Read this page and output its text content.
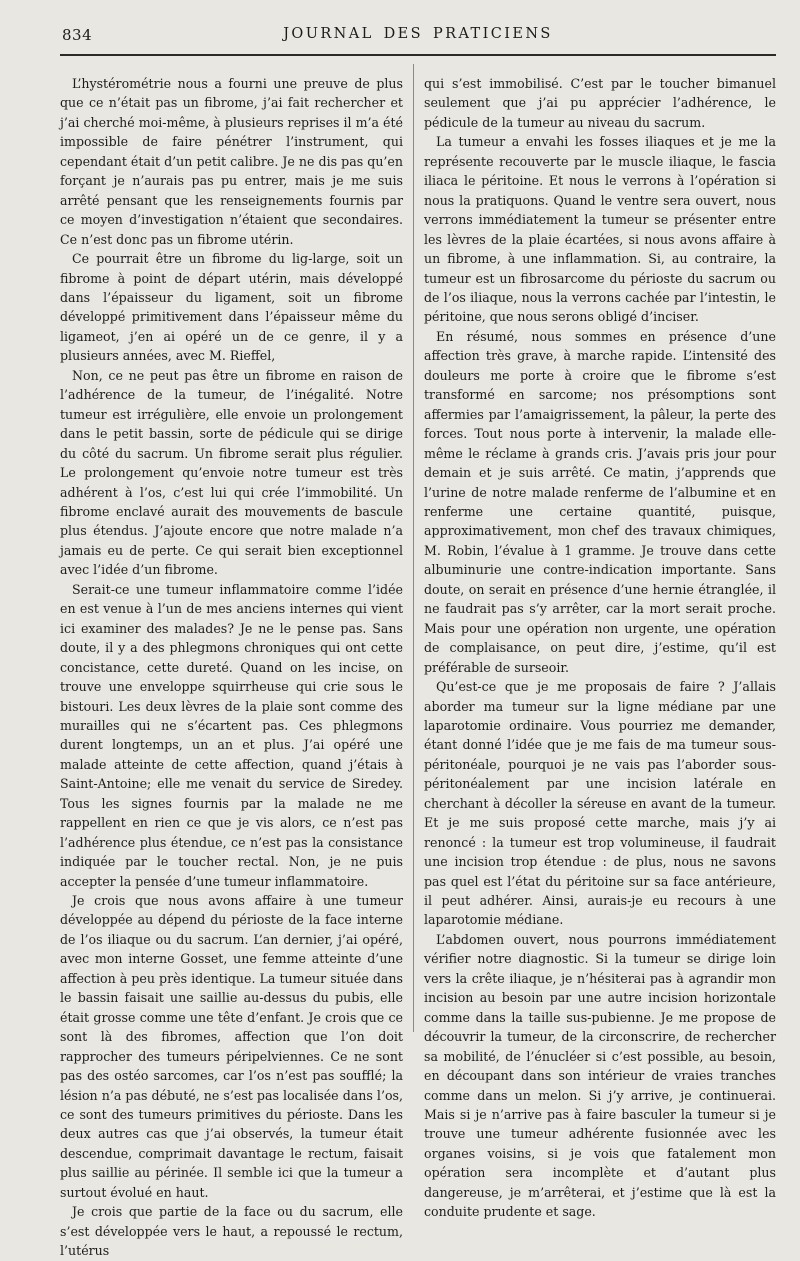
834	JOURNAL DES PRATICIENS

L’hystérométrie nous a fourni une preuve de plus que ce n’était pas un fibrome, j’ai fait rechercher et j’ai cherché moi-même, à plusieurs reprises il m’a été impossible de faire pénétrer l’instrument, qui cependant était d’un petit calibre. Je ne dis pas qu’en forçant je n’aurais pas pu entrer, mais je me suis arrêté pensant que les renseignements fournis par ce moyen d’investigation n’étaient que secondaires. Ce n’est donc pas un fibrome utérin.

Ce pourrait être un fibrome du lig-large, soit un fibrome à point de départ utérin, mais développé dans l’épaisseur du ligament, soit un fibrome développé primitivement dans l’épaisseur même du ligameot, j’en ai opéré un de ce genre, il y a plusieurs années, avec M. Rieffel,

Non, ce ne peut pas être un fibrome en raison de l’adhérence de la tumeur, de l’inégalité. Notre tumeur est irrégulière, elle envoie un prolongement dans le petit bassin, sorte de pédicule qui se dirige du côté du sacrum. Un fibrome serait plus régulier. Le prolongement qu’envoie notre tumeur est très adhérent à l’os, c’est lui qui crée l’immobilité. Un fibrome enclavé aurait des mouvements de bascule plus étendus. J’ajoute encore que notre malade n’a jamais eu de perte. Ce qui serait bien exceptionnel avec l’idée d’un fibrome.

Serait-ce une tumeur inflammatoire comme l’idée en est venue à l’un de mes anciens internes qui vient ici examiner des malades? Je ne le pense pas. Sans doute, il y a des phlegmons chroniques qui ont cette concistance, cette dureté. Quand on les incise, on trouve une enveloppe squirrheuse qui crie sous le bistouri. Les deux lèvres de la plaie sont comme des murailles qui ne s’écartent pas. Ces phlegmons durent longtemps, un an et plus. J’ai opéré une malade atteinte de cette affection, quand j’étais à Saint-Antoine; elle me venait du service de Siredey. Tous les signes fournis par la malade ne me rappellent en rien ce que je vis alors, ce n’est pas l’adhérence plus étendue, ce n’est pas la consistance indiquée par le toucher rectal. Non, je ne puis accepter la pensée d’une tumeur inflammatoire.

Je crois que nous avons affaire à une tumeur développée au dépend du périoste de la face interne de l’os iliaque ou du sacrum. L’an dernier, j’ai opéré, avec mon interne Gosset, une femme atteinte d’une affection à peu près identique. La tumeur située dans le bassin faisait une saillie au-dessus du pubis, elle était grosse comme une tête d’enfant. Je crois que ce sont là des fibromes, affection que l’on doit rapprocher des tumeurs péripelviennes. Ce ne sont pas des ostéo sarcomes, car l’os n’est pas soufflé; la lésion n’a pas débuté, ne s’est pas localisée dans l’os, ce sont des tumeurs primitives du périoste. Dans les deux autres cas que j’ai observés, la tumeur était descendue, comprimait davantage le rectum, faisait plus saillie au périnée. Il semble ici que la tumeur a surtout évolué en haut.

Je crois que partie de la face ou du sacrum, elle s’est développée vers le haut, a repoussé le rectum, l’utérus

qui s’est immobilisé. C’est par le toucher bimanuel seulement que j’ai pu apprécier l’adhérence, le pédicule de la tumeur au niveau du sacrum.

La tumeur a envahi les fosses iliaques et je me la représente recouverte par le muscle iliaque, le fascia iliaca le péritoine. Et nous le verrons à l’opération si nous la pratiquons. Quand le ventre sera ouvert, nous verrons immédiatement la tumeur se présenter entre les lèvres de la plaie écartées, si nous avons affaire à un fibrome, à une inflammation. Si, au contraire, la tumeur est un fibrosarcome du périoste du sacrum ou de l’os iliaque, nous la verrons cachée par l’intestin, le péritoine, que nous serons obligé d’inciser.

En résumé, nous sommes en présence d’une affection très grave, à marche rapide. L’intensité des douleurs me porte à croire que le fibrome s’est transformé en sarcome; nos présomptions sont affermies par l’amaigrissement, la pâleur, la perte des forces. Tout nous porte à intervenir, la malade elle-même le réclame à grands cris. J’avais pris jour pour demain et je suis arrêté. Ce matin, j’apprends que l’urine de notre malade renferme de l’albumine et en renferme une certaine quantité, puisque, approximativement, mon chef des travaux chimiques, M. Robin, l’évalue à 1 gramme. Je trouve dans cette albuminurie une contre-indication importante. Sans doute, on serait en présence d’une hernie étranglée, il ne faudrait pas s’y arrêter, car la mort serait proche. Mais pour une opération non urgente, une opération de complaisance, on peut dire, j’estime, qu’il est préférable de surseoir.

Qu’est-ce que je me proposais de faire ? J’allais aborder ma tumeur sur la ligne médiane par une laparotomie ordinaire. Vous pourriez me demander, étant donné l’idée que je me fais de ma tumeur sous-péritonéale, pourquoi je ne vais pas l’aborder sous-péritonéalement par une incision latérale en cherchant à décoller la séreuse en avant de la tumeur. Et je me suis proposé cette marche, mais j’y ai renoncé : la tumeur est trop volumineuse, il faudrait une incision trop étendue : de plus, nous ne savons pas quel est l’état du péritoine sur sa face antérieure, il peut adhérer. Ainsi, aurais-je eu recours à une laparotomie médiane.

L’abdomen ouvert, nous pourrons immédiatement vérifier notre diagnostic. Si la tumeur se dirige loin vers la crête iliaque, je n’hésiterai pas à agrandir mon incision au besoin par une autre incision horizontale comme dans la taille sus-pubienne. Je me propose de découvrir la tumeur, de la circonscrire, de rechercher sa mobilité, de l’énucléer si c’est possible, au besoin, en découpant dans son intérieur de vraies tranches comme dans un melon. Si j’y arrive, je continuerai. Mais si je n’arrive pas à faire basculer la tumeur si je trouve une tumeur adhérente fusionnée avec les organes voisins, si je vois que fatalement mon opération sera incomplète et d’autant plus dangereuse, je m’arrêterai, et j’estime que là est la conduite prudente et sage.
